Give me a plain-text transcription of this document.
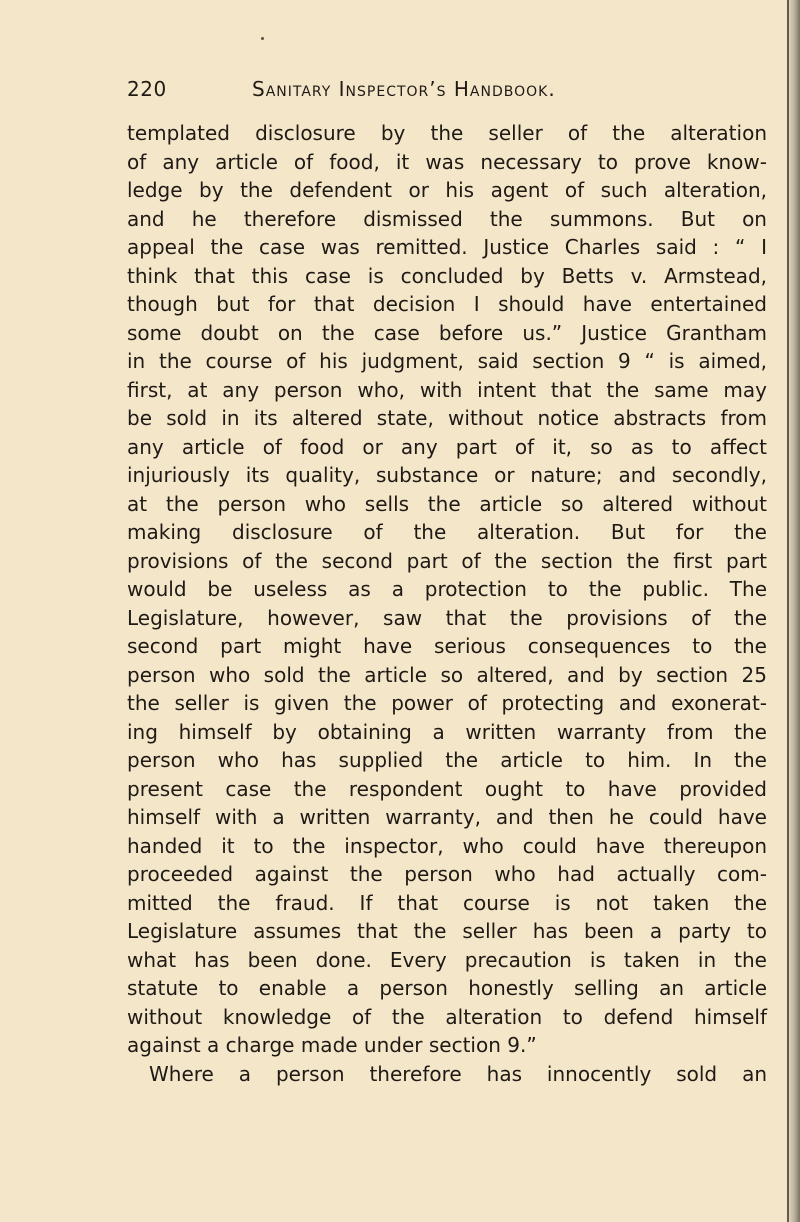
220	Sanitary Inspector’s Handbook.
templated disclosure by the seller of the alteration
of any article of food, it was necessary to prove know-
ledge by the defendent or his agent of such alteration,
and he therefore dismissed the summons. But on
appeal the case was remitted. Justice Charles said : “ I
think that this case is concluded by Betts v. Armstead,
though but for that decision I should have entertained
some doubt on the case before us.” Justice Grantham
in the course of his judgment, said section 9 “ is aimed,
first, at any person who, with intent that the same may
be sold in its altered state, without notice abstracts from
any article of food or any part of it, so as to affect
injuriously its quality, substance or nature; and secondly,
at the person who sells the article so altered without
making disclosure of the alteration. But for the
provisions of the second part of the section the first part
would be useless as a protection to the public. The
Legislature, however, saw that the provisions of the
second part might have serious consequences to the
person who sold the article so altered, and by section 25
the seller is given the power of protecting and exonerat-
ing himself by obtaining a written warranty from the
person who has supplied the article to him. In the
present case the respondent ought to have provided
himself with a written warranty, and then he could have
handed it to the inspector, who could have thereupon
proceeded against the person who had actually com-
mitted the fraud. If that course is not taken the
Legislature assumes that the seller has been a party to
what has been done. Every precaution is taken in the
statute to enable a person honestly selling an article
without knowledge of the alteration to defend himself
against a charge made under section 9.”
Where a person therefore has innocently sold an
